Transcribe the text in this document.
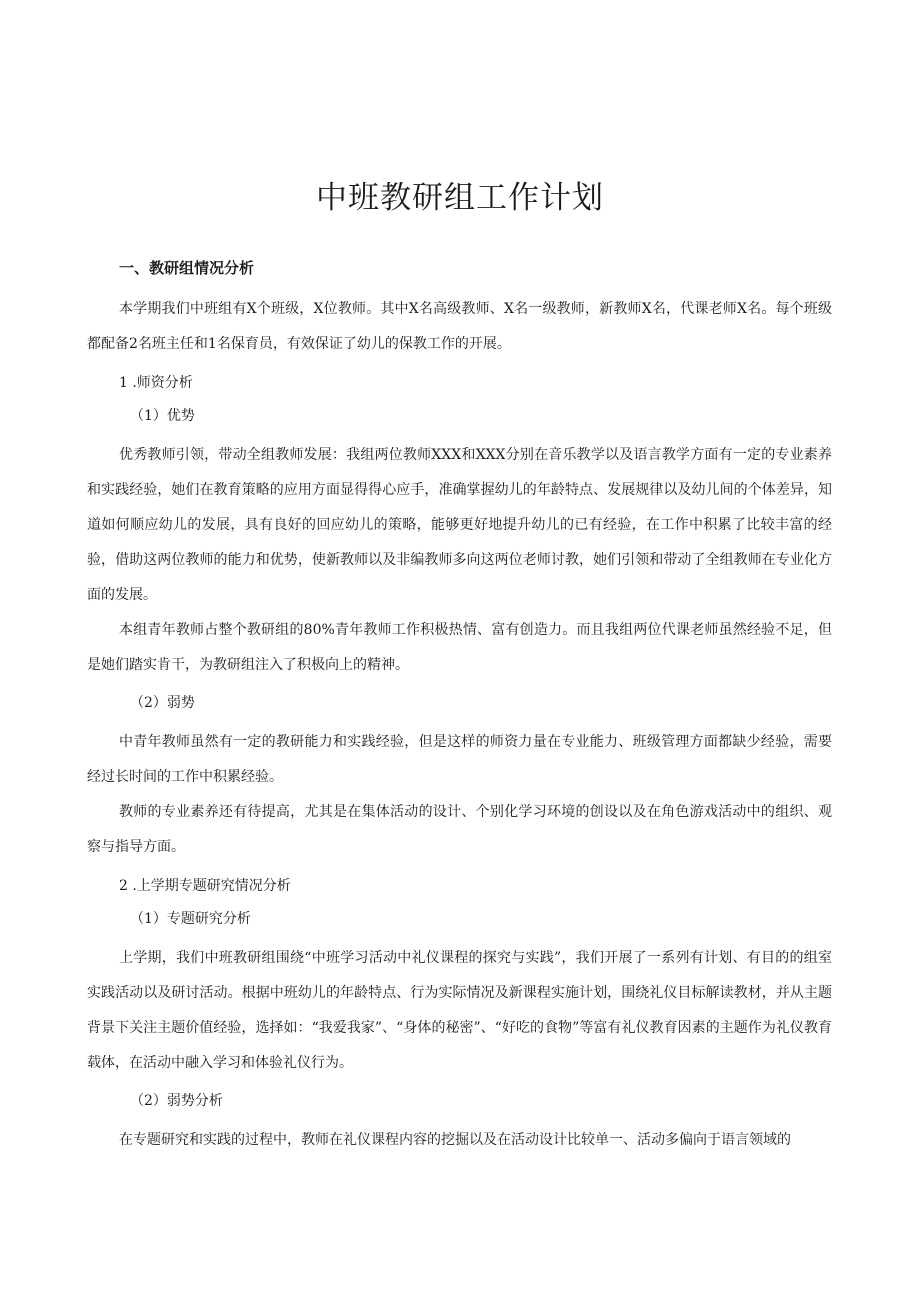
中班教研组工作计划

一、教研组情况分析

本学期我们中班组有X个班级，X位教师。其中X名高级教师、X名一级教师，新教师X名，代课老师X名。每个班级都配备2名班主任和1名保育员，有效保证了幼儿的保教工作的开展。

1 .师资分析

（1）优势

优秀教师引领，带动全组教师发展：我组两位教师XXX和XXX分别在音乐教学以及语言教学方面有一定的专业素养和实践经验，她们在教育策略的应用方面显得得心应手，准确掌握幼儿的年龄特点、发展规律以及幼儿间的个体差异，知道如何顺应幼儿的发展，具有良好的回应幼儿的策略，能够更好地提升幼儿的已有经验，在工作中积累了比较丰富的经验，借助这两位教师的能力和优势，使新教师以及非编教师多向这两位老师讨教，她们引领和带动了全组教师在专业化方面的发展。

本组青年教师占整个教研组的80%青年教师工作积极热情、富有创造力。而且我组两位代课老师虽然经验不足，但是她们踏实肯干，为教研组注入了积极向上的精神。

（2）弱势

中青年教师虽然有一定的教研能力和实践经验，但是这样的师资力量在专业能力、班级管理方面都缺少经验，需要经过长时间的工作中积累经验。

教师的专业素养还有待提高，尤其是在集体活动的设计、个别化学习环境的创设以及在角色游戏活动中的组织、观察与指导方面。

2 .上学期专题研究情况分析

（1）专题研究分析

上学期，我们中班教研组围绕“中班学习活动中礼仪课程的探究与实践”，我们开展了一系列有计划、有目的的组室实践活动以及研讨活动。根据中班幼儿的年龄特点、行为实际情况及新课程实施计划，围绕礼仪目标解读教材，并从主题背景下关注主题价值经验，选择如：“我爱我家”、“身体的秘密”、“好吃的食物”等富有礼仪教育因素的主题作为礼仪教育载体，在活动中融入学习和体验礼仪行为。

（2）弱势分析

在专题研究和实践的过程中，教师在礼仪课程内容的挖掘以及在活动设计比较单一、活动多偏向于语言领域的
